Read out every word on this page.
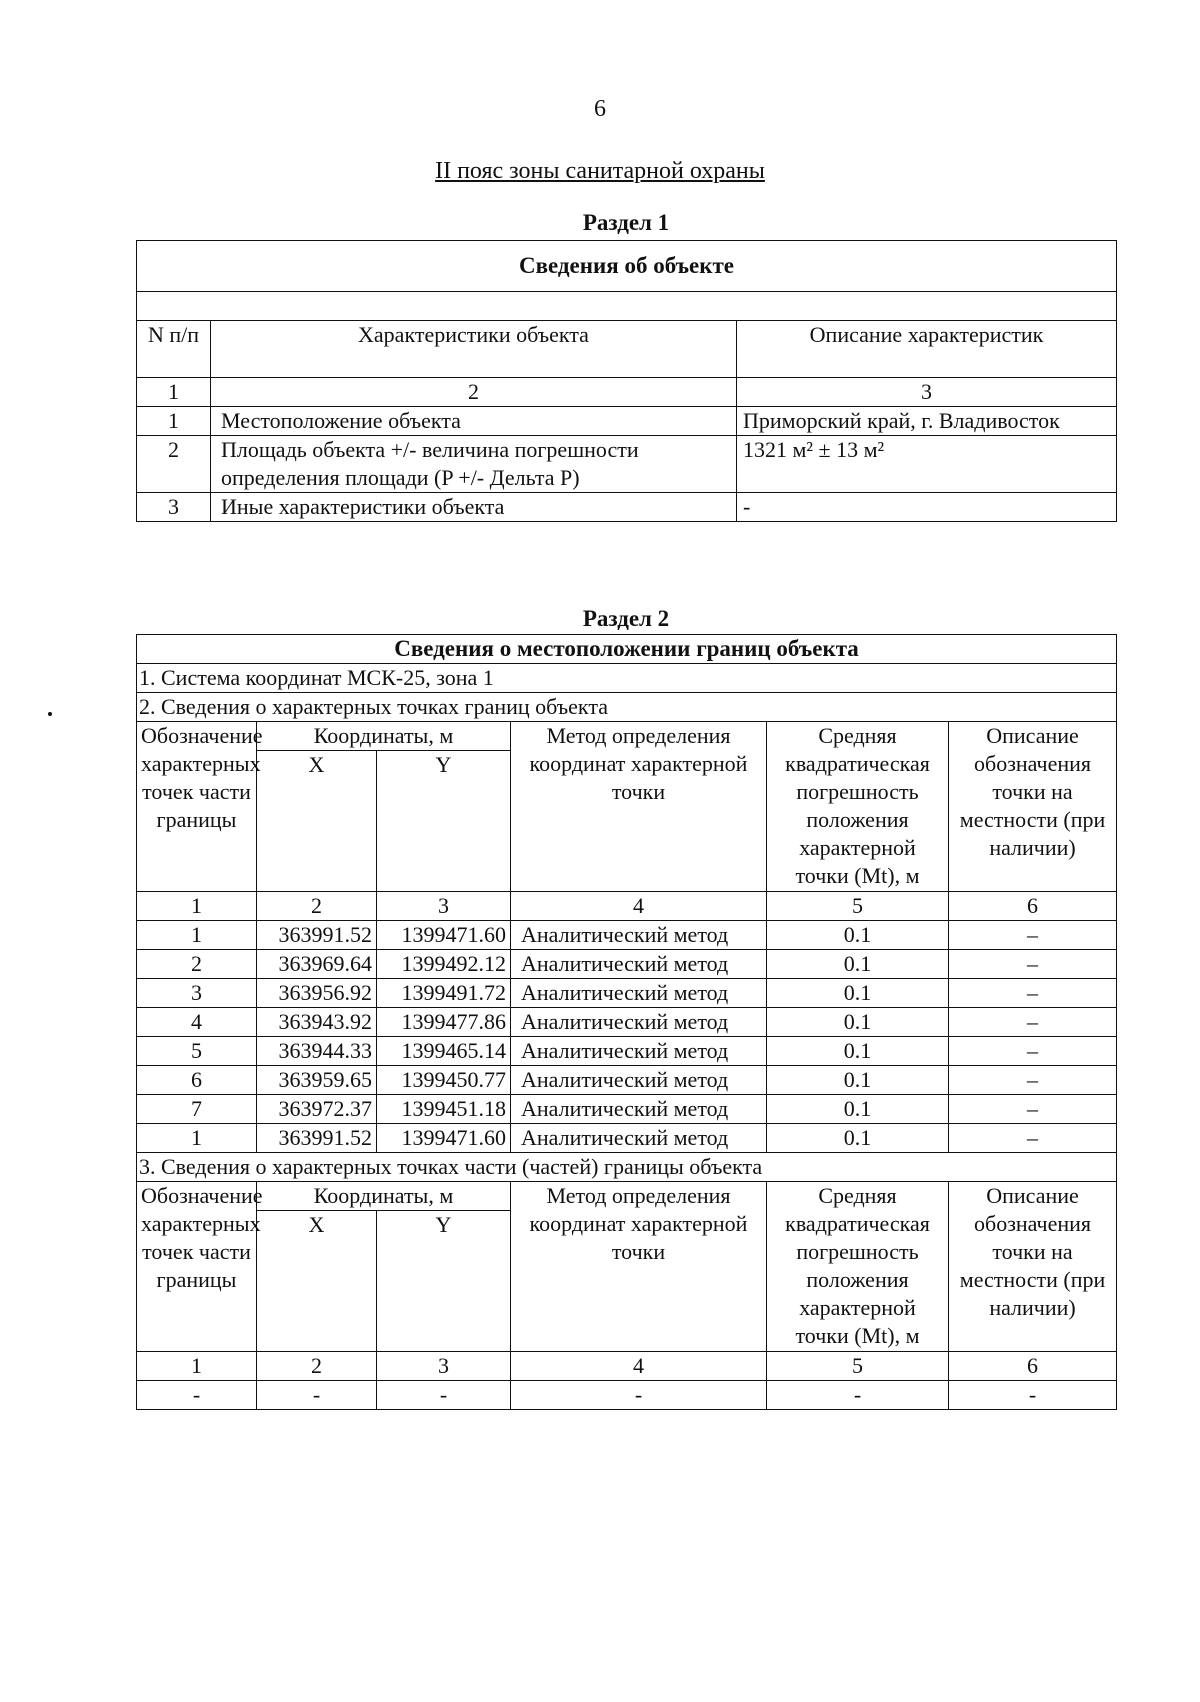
6
II пояс зоны санитарной охраны
Раздел 1
Сведения об объекте		

N п/п	Характеристики объекта	Описание характеристик
1	2	3
1	Местоположение объекта	Приморский край, г. Владивосток
2	Площадь объекта +/- величина погрешности определения площади (P +/- Дельта P)	1321 м² ± 13 м²
3	Иные характеристики объекта	-
Раздел 2
Сведения о местоположении границ объекта					
1. Система координат МСК-25, зона 1					
2. Сведения о характерных точках границ объекта					
Обозначение характерных точек части границы	Координаты, м		Метод определения координат характерной точки	Средняя квадратическая погрешность положения характерной точки (Mt), м	Описание обозначения точки на местности (при наличии)
	X	Y			
1	2	3	4	5	6
1	363991.52	1399471.60	Аналитический метод	0.1	–
2	363969.64	1399492.12	Аналитический метод	0.1	–
3	363956.92	1399491.72	Аналитический метод	0.1	–
4	363943.92	1399477.86	Аналитический метод	0.1	–
5	363944.33	1399465.14	Аналитический метод	0.1	–
6	363959.65	1399450.77	Аналитический метод	0.1	–
7	363972.37	1399451.18	Аналитический метод	0.1	–
1	363991.52	1399471.60	Аналитический метод	0.1	–
3. Сведения о характерных точках части (частей) границы объекта					
Обозначение характерных точек части границы	Координаты, м		Метод определения координат характерной точки	Средняя квадратическая погрешность положения характерной точки (Mt), м	Описание обозначения точки на местности (при наличии)
	X	Y			
1	2	3	4	5	6
-	-	-	-	-	-
